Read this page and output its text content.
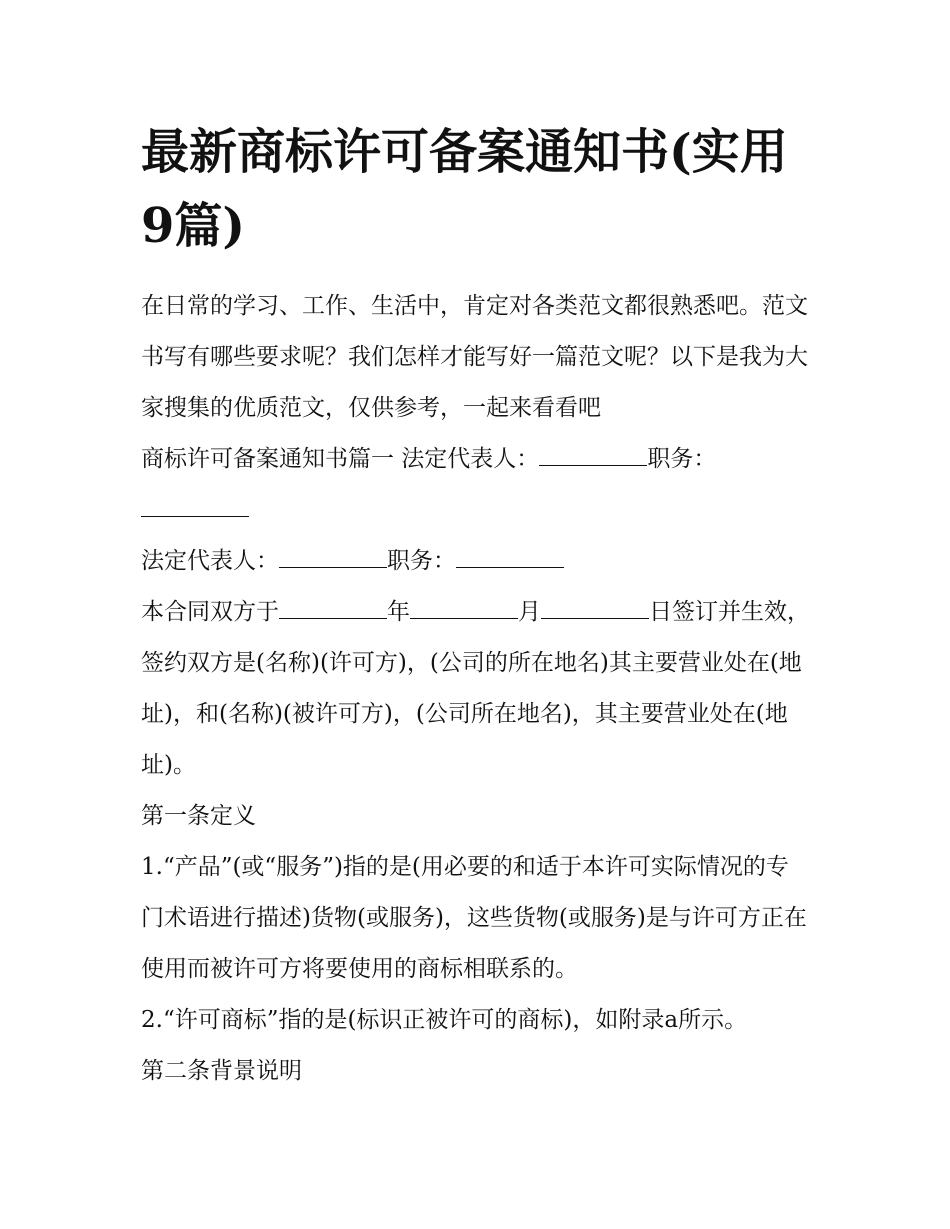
最新商标许可备案通知书(实用9篇)

在日常的学习、工作、生活中，肯定对各类范文都很熟悉吧。范文书写有哪些要求呢？我们怎样才能写好一篇范文呢？以下是我为大家搜集的优质范文，仅供参考，一起来看看吧

商标许可备案通知书篇一 法定代表人：	职务：

法定代表人：	职务：

本合同双方于	年	月	日签订并生效，签约双方是(名称)(许可方)，(公司的所在地名)其主要营业处在(地址)，和(名称)(被许可方)，(公司所在地名)，其主要营业处在(地址)。

第一条定义

1.“产品”(或“服务”)指的是(用必要的和适于本许可实际情况的专门术语进行描述)货物(或服务)，这些货物(或服务)是与许可方正在使用而被许可方将要使用的商标相联系的。

2.“许可商标”指的是(标识正被许可的商标)，如附录a所示。

第二条背景说明
